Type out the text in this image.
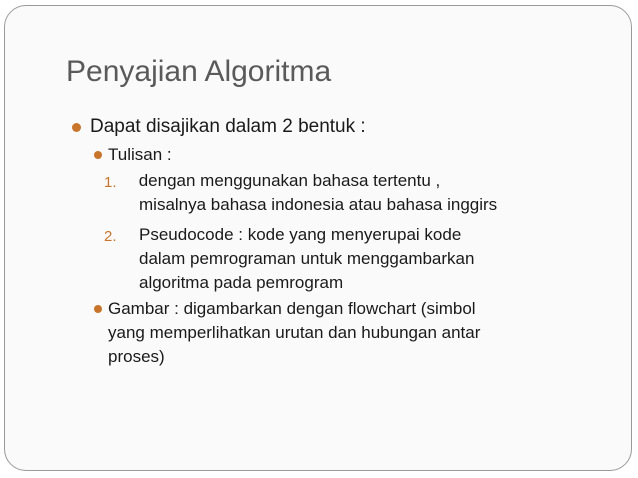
Penyajian Algoritma
Dapat disajikan dalam 2 bentuk :
Tulisan :
1. dengan menggunakan bahasa tertentu ,
misalnya bahasa indonesia atau bahasa inggirs
2. Pseudocode : kode yang menyerupai kode
dalam pemrograman untuk menggambarkan
algoritma pada pemrogram
Gambar : digambarkan dengan flowchart (simbol
yang memperlihatkan urutan dan hubungan antar
proses)
